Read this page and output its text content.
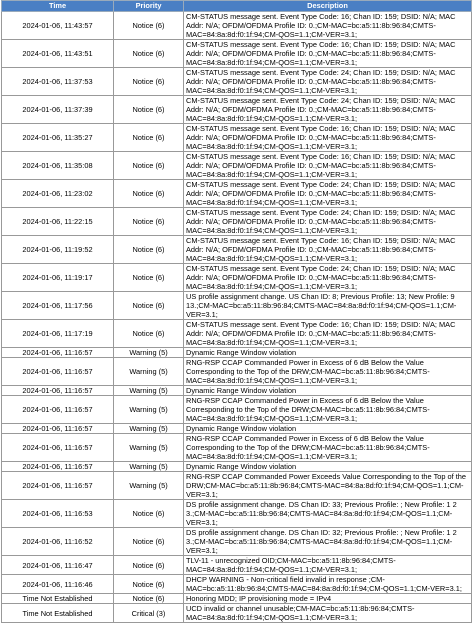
Time	Priority	Description
2024-01-06, 11:43:57	Notice (6)	CM-STATUS message sent. Event Type Code: 16; Chan ID: 159; DSID: N/A; MAC Addr: N/A; OFDM/OFDMA Profile ID: 0.;CM-MAC=bc:a5:11:8b:96:84;CMTS-MAC=84:8a:8d:f0:1f:94;CM-QOS=1.1;CM-VER=3.1;
2024-01-06, 11:43:51	Notice (6)	CM-STATUS message sent. Event Type Code: 16; Chan ID: 159; DSID: N/A; MAC Addr: N/A; OFDM/OFDMA Profile ID: 0.;CM-MAC=bc:a5:11:8b:96:84;CMTS-MAC=84:8a:8d:f0:1f:94;CM-QOS=1.1;CM-VER=3.1;
2024-01-06, 11:37:53	Notice (6)	CM-STATUS message sent. Event Type Code: 24; Chan ID: 159; DSID: N/A; MAC Addr: N/A; OFDM/OFDMA Profile ID: 0.;CM-MAC=bc:a5:11:8b:96:84;CMTS-MAC=84:8a:8d:f0:1f:94;CM-QOS=1.1;CM-VER=3.1;
2024-01-06, 11:37:39	Notice (6)	CM-STATUS message sent. Event Type Code: 24; Chan ID: 159; DSID: N/A; MAC Addr: N/A; OFDM/OFDMA Profile ID: 0.;CM-MAC=bc:a5:11:8b:96:84;CMTS-MAC=84:8a:8d:f0:1f:94;CM-QOS=1.1;CM-VER=3.1;
2024-01-06, 11:35:27	Notice (6)	CM-STATUS message sent. Event Type Code: 16; Chan ID: 159; DSID: N/A; MAC Addr: N/A; OFDM/OFDMA Profile ID: 0.;CM-MAC=bc:a5:11:8b:96:84;CMTS-MAC=84:8a:8d:f0:1f:94;CM-QOS=1.1;CM-VER=3.1;
2024-01-06, 11:35:08	Notice (6)	CM-STATUS message sent. Event Type Code: 16; Chan ID: 159; DSID: N/A; MAC Addr: N/A; OFDM/OFDMA Profile ID: 0.;CM-MAC=bc:a5:11:8b:96:84;CMTS-MAC=84:8a:8d:f0:1f:94;CM-QOS=1.1;CM-VER=3.1;
2024-01-06, 11:23:02	Notice (6)	CM-STATUS message sent. Event Type Code: 24; Chan ID: 159; DSID: N/A; MAC Addr: N/A; OFDM/OFDMA Profile ID: 0.;CM-MAC=bc:a5:11:8b:96:84;CMTS-MAC=84:8a:8d:f0:1f:94;CM-QOS=1.1;CM-VER=3.1;
2024-01-06, 11:22:15	Notice (6)	CM-STATUS message sent. Event Type Code: 24; Chan ID: 159; DSID: N/A; MAC Addr: N/A; OFDM/OFDMA Profile ID: 0.;CM-MAC=bc:a5:11:8b:96:84;CMTS-MAC=84:8a:8d:f0:1f:94;CM-QOS=1.1;CM-VER=3.1;
2024-01-06, 11:19:52	Notice (6)	CM-STATUS message sent. Event Type Code: 16; Chan ID: 159; DSID: N/A; MAC Addr: N/A; OFDM/OFDMA Profile ID: 0.;CM-MAC=bc:a5:11:8b:96:84;CMTS-MAC=84:8a:8d:f0:1f:94;CM-QOS=1.1;CM-VER=3.1;
2024-01-06, 11:19:17	Notice (6)	CM-STATUS message sent. Event Type Code: 24; Chan ID: 159; DSID: N/A; MAC Addr: N/A; OFDM/OFDMA Profile ID: 0.;CM-MAC=bc:a5:11:8b:96:84;CMTS-MAC=84:8a:8d:f0:1f:94;CM-QOS=1.1;CM-VER=3.1;
2024-01-06, 11:17:56	Notice (6)	US profile assignment change. US Chan ID: 8; Previous Profile: 13; New Profile: 9 13.;CM-MAC=bc:a5:11:8b:96:84;CMTS-MAC=84:8a:8d:f0:1f:94;CM-QOS=1.1;CM-VER=3.1;
2024-01-06, 11:17:19	Notice (6)	CM-STATUS message sent. Event Type Code: 16; Chan ID: 159; DSID: N/A; MAC Addr: N/A; OFDM/OFDMA Profile ID: 0.;CM-MAC=bc:a5:11:8b:96:84;CMTS-MAC=84:8a:8d:f0:1f:94;CM-QOS=1.1;CM-VER=3.1;
2024-01-06, 11:16:57	Warning (5)	Dynamic Range Window violation
2024-01-06, 11:16:57	Warning (5)	RNG-RSP CCAP Commanded Power in Excess of 6 dB Below the Value Corresponding to the Top of the DRW;CM-MAC=bc:a5:11:8b:96:84;CMTS-MAC=84:8a:8d:f0:1f:94;CM-QOS=1.1;CM-VER=3.1;
2024-01-06, 11:16:57	Warning (5)	Dynamic Range Window violation
2024-01-06, 11:16:57	Warning (5)	RNG-RSP CCAP Commanded Power in Excess of 6 dB Below the Value Corresponding to the Top of the DRW;CM-MAC=bc:a5:11:8b:96:84;CMTS-MAC=84:8a:8d:f0:1f:94;CM-QOS=1.1;CM-VER=3.1;
2024-01-06, 11:16:57	Warning (5)	Dynamic Range Window violation
2024-01-06, 11:16:57	Warning (5)	RNG-RSP CCAP Commanded Power in Excess of 6 dB Below the Value Corresponding to the Top of the DRW;CM-MAC=bc:a5:11:8b:96:84;CMTS-MAC=84:8a:8d:f0:1f:94;CM-QOS=1.1;CM-VER=3.1;
2024-01-06, 11:16:57	Warning (5)	Dynamic Range Window violation
2024-01-06, 11:16:57	Warning (5)	RNG-RSP CCAP Commanded Power Exceeds Value Corresponding to the Top of the DRW;CM-MAC=bc:a5:11:8b:96:84;CMTS-MAC=84:8a:8d:f0:1f:94;CM-QOS=1.1;CM-VER=3.1;
2024-01-06, 11:16:53	Notice (6)	DS profile assignment change. DS Chan ID: 33; Previous Profile: ; New Profile: 1 2 3.;CM-MAC=bc:a5:11:8b:96:84;CMTS-MAC=84:8a:8d:f0:1f:94;CM-QOS=1.1;CM-VER=3.1;
2024-01-06, 11:16:52	Notice (6)	DS profile assignment change. DS Chan ID: 32; Previous Profile: ; New Profile: 1 2 3.;CM-MAC=bc:a5:11:8b:96:84;CMTS-MAC=84:8a:8d:f0:1f:94;CM-QOS=1.1;CM-VER=3.1;
2024-01-06, 11:16:47	Notice (6)	TLV-11 - unrecognized OID;CM-MAC=bc:a5:11:8b:96:84;CMTS-MAC=84:8a:8d:f0:1f:94;CM-QOS=1.1;CM-VER=3.1;
2024-01-06, 11:16:46	Notice (6)	DHCP WARNING - Non-critical field invalid in response ;CM-MAC=bc:a5:11:8b:96:84;CMTS-MAC=84:8a:8d:f0:1f:94;CM-QOS=1.1;CM-VER=3.1;
Time Not Established	Notice (6)	Honoring MDD; IP provisioning mode = IPv4
Time Not Established	Critical (3)	UCD invalid or channel unusable;CM-MAC=bc:a5:11:8b:96:84;CMTS-MAC=84:8a:8d:f0:1f:94;CM-QOS=1.1;CM-VER=3.1;
